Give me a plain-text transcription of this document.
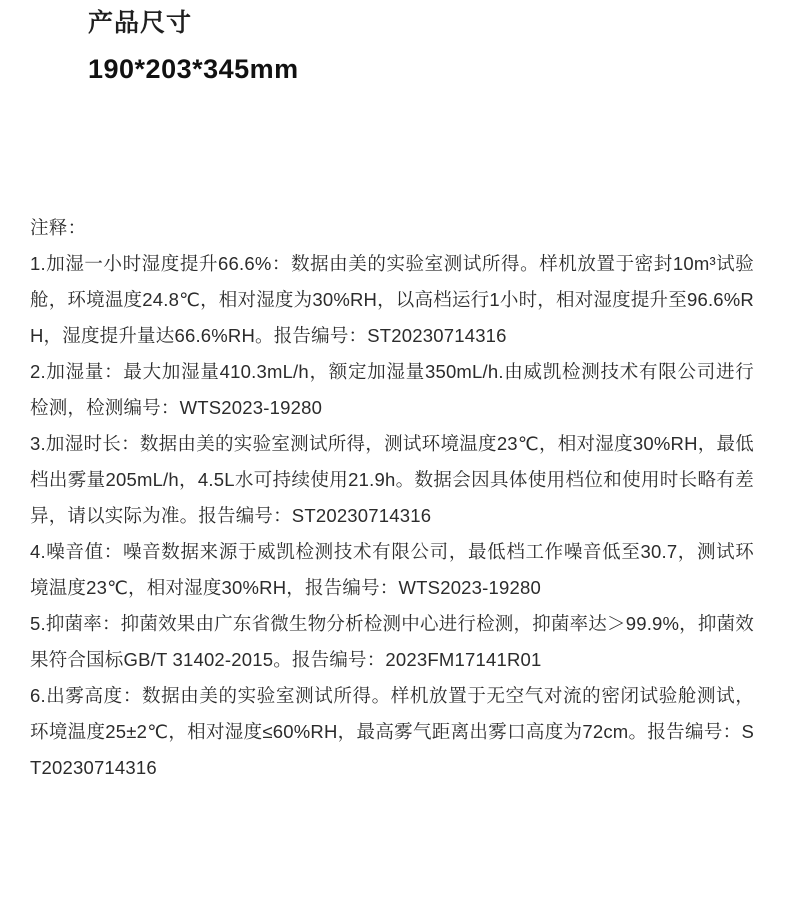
产品尺寸
190*203*345mm
注释：
1.加湿一小时湿度提升66.6%：数据由美的实验室测试所得。样机放置于密封10m³试验舱，环境温度24.8℃，相对湿度为30%RH，以高档运行1小时，相对湿度提升至96.6%RH，湿度提升量达66.6%RH。报告编号：ST20230714316
2.加湿量：最大加湿量410.3mL/h，额定加湿量350mL/h.由威凯检测技术有限公司进行检测，检测编号：WTS2023-19280
3.加湿时长：数据由美的实验室测试所得，测试环境温度23℃，相对湿度30%RH，最低档出雾量205mL/h，4.5L水可持续使用21.9h。数据会因具体使用档位和使用时长略有差异，请以实际为准。报告编号：ST20230714316
4.噪音值：噪音数据来源于威凯检测技术有限公司，最低档工作噪音低至30.7，测试环境温度23℃，相对湿度30%RH，报告编号：WTS2023-19280
5.抑菌率：抑菌效果由广东省微生物分析检测中心进行检测，抑菌率达＞99.9%，抑菌效果符合国标GB/T 31402-2015。报告编号：2023FM17141R01
6.出雾高度：数据由美的实验室测试所得。样机放置于无空气对流的密闭试验舱测试，环境温度25±2℃，相对湿度≤60%RH，最高雾气距离出雾口高度为72cm。报告编号：ST20230714316
